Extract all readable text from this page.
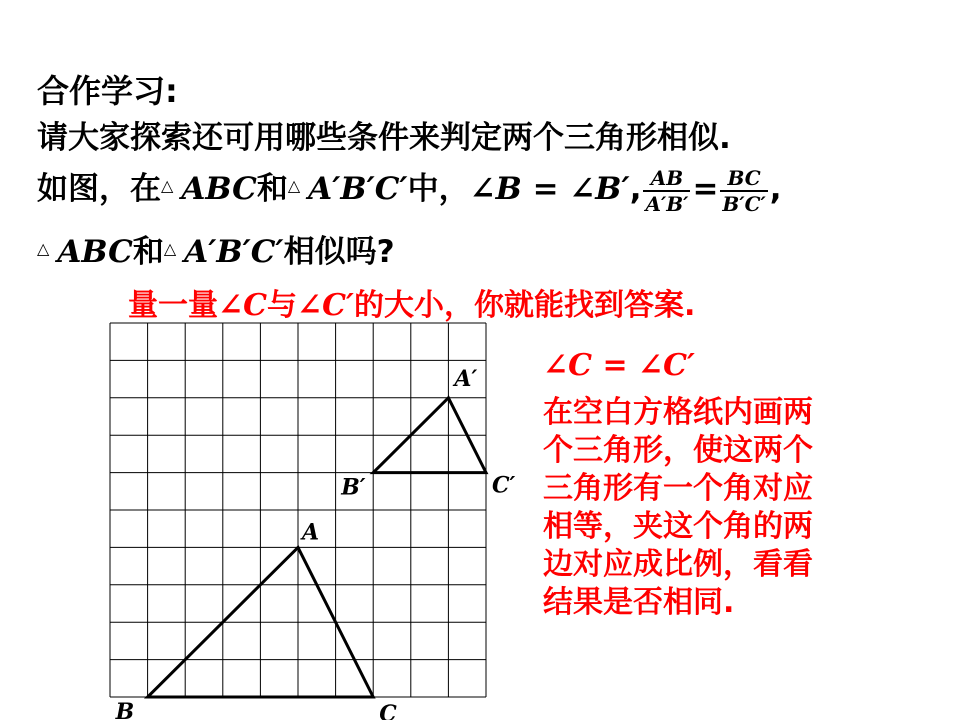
合作学习:
请大家探索还可用哪些条件来判定两个三角形相似.
如图，在△ ABC和△ A′B′C′中，∠B = ∠B′, $\frac{AB}{A'B'} = \frac{BC}{B'C'}$ ,
△ ABC和△ A′B′C′相似吗?
量一量∠C与∠C′的大小，你就能找到答案.
A
B	C
A′
B′	C′
∠C = ∠C′
在空白方格纸内画两
个三角形，使这两个
三角形有一个角对应
相等，夹这个角的两
边对应成比例，看看
结果是否相同.
